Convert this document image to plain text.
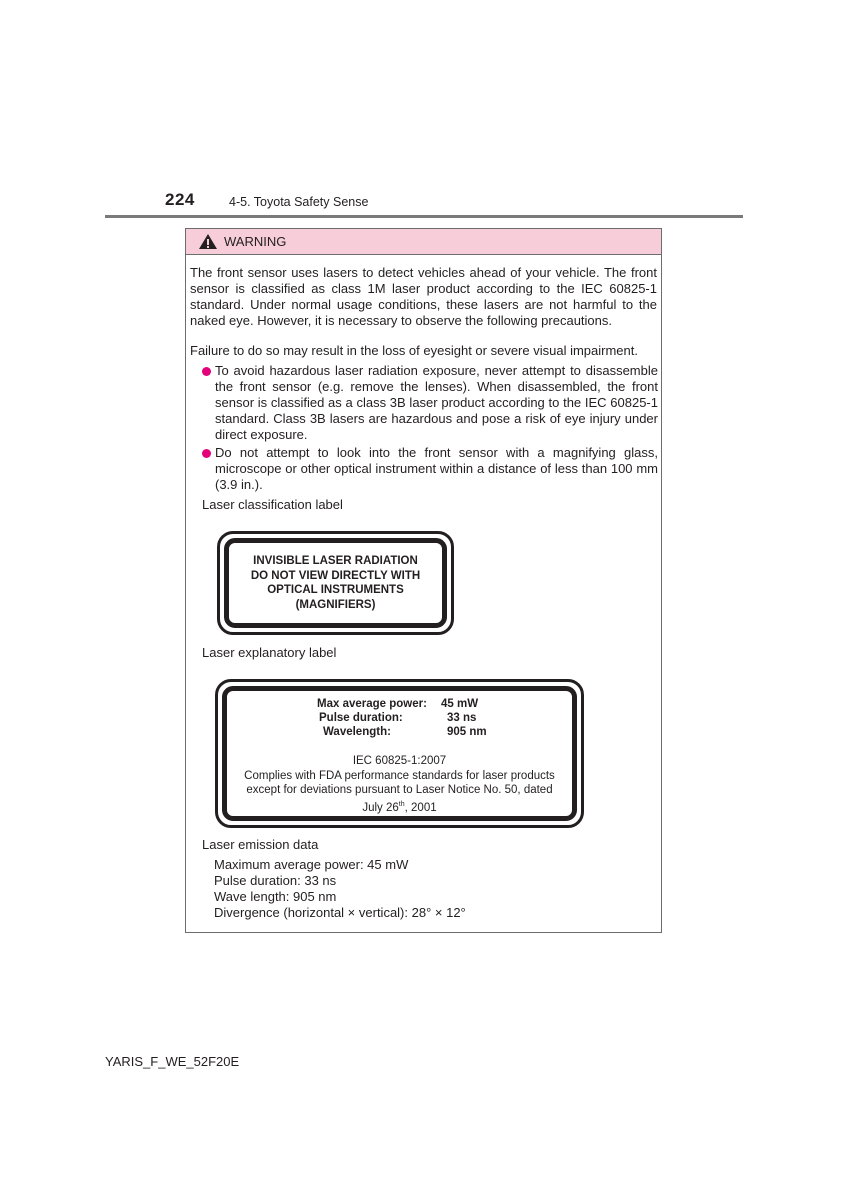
224	4-5. Toyota Safety Sense
WARNING
The front sensor uses lasers to detect vehicles ahead of your vehicle. The front sensor is classified as class 1M laser product according to the IEC 60825-1 standard. Under normal usage conditions, these lasers are not harmful to the naked eye. However, it is necessary to observe the following precautions.
Failure to do so may result in the loss of eyesight or severe visual impairment.
To avoid hazardous laser radiation exposure, never attempt to disassemble the front sensor (e.g. remove the lenses). When disassembled, the front sensor is classified as a class 3B laser product according to the IEC 60825-1 standard. Class 3B lasers are hazardous and pose a risk of eye injury under direct exposure.
Do not attempt to look into the front sensor with a magnifying glass, microscope or other optical instrument within a distance of less than 100 mm (3.9 in.).
Laser classification label
INVISIBLE LASER RADIATION
DO NOT VIEW DIRECTLY WITH
OPTICAL INSTRUMENTS
(MAGNIFIERS)
Laser explanatory label
Max average power: 45 mW
Pulse duration:	33 ns
Wavelength:	905 nm
IEC 60825-1:2007
Complies with FDA performance standards for laser products
except for deviations pursuant to Laser Notice No. 50, dated
July 26th, 2001
Laser emission data
Maximum average power: 45 mW
Pulse duration: 33 ns
Wave length: 905 nm
Divergence (horizontal × vertical): 28° × 12°
YARIS_F_WE_52F20E
